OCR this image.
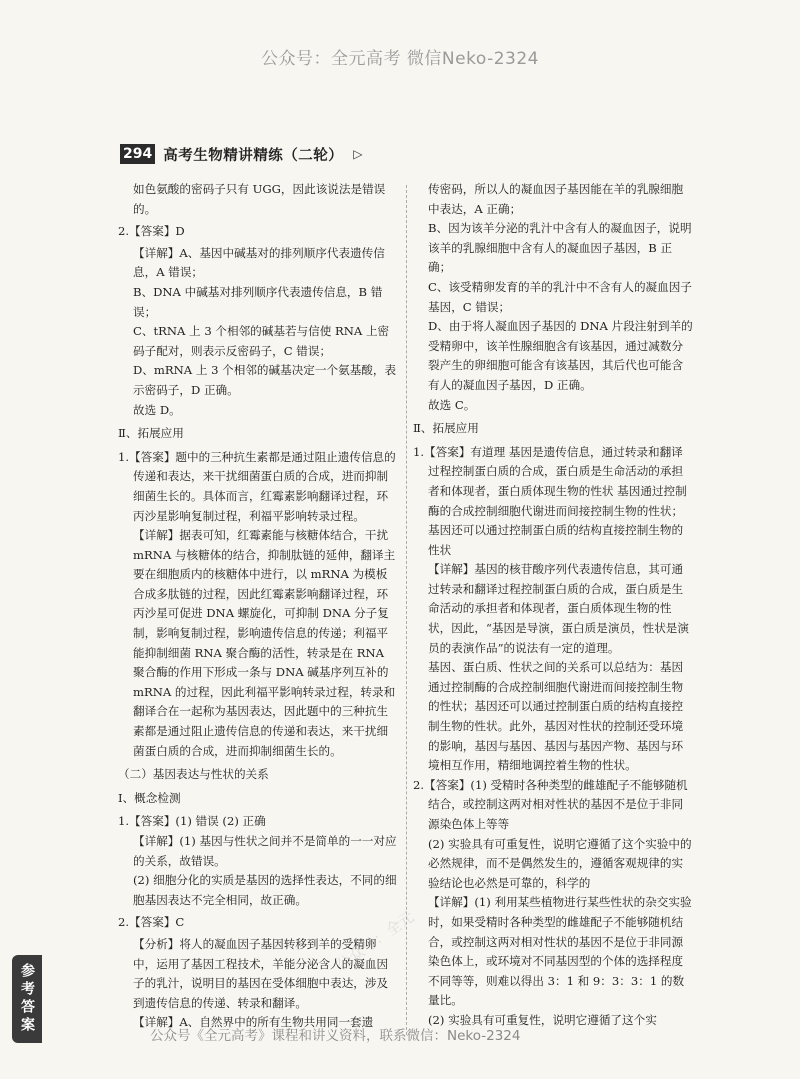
公众号：全元高考 微信Neko-2324
294 高考生物精讲精练（二轮） ▷

如色氨酸的密码子只有 UGG，因此该说法是错误的。

2.【答案】D

【详解】A、基因中碱基对的排列顺序代表遗传信息，A 错误；

B、DNA 中碱基对排列顺序代表遗传信息，B 错误；

C、tRNA 上 3 个相邻的碱基若与信使 RNA 上密码子配对，则表示反密码子，C 错误；

D、mRNA 上 3 个相邻的碱基决定一个氨基酸，表示密码子，D 正确。

故选 D。

Ⅱ、拓展应用

1.【答案】题中的三种抗生素都是通过阻止遗传信息的传递和表达，来干扰细菌蛋白质的合成，进而抑制细菌生长的。具体而言，红霉素影响翻译过程，环丙沙星影响复制过程，利福平影响转录过程。

【详解】据表可知，红霉素能与核糖体结合，干扰 mRNA 与核糖体的结合，抑制肽链的延伸，翻译主要在细胞质内的核糖体中进行，以 mRNA 为模板合成多肽链的过程，因此红霉素影响翻译过程，环丙沙星可促进 DNA 螺旋化，可抑制 DNA 分子复制，影响复制过程，影响遗传信息的传递；利福平能抑制细菌 RNA 聚合酶的活性，转录是在 RNA 聚合酶的作用下形成一条与 DNA 碱基序列互补的 mRNA 的过程，因此利福平影响转录过程，转录和翻译合在一起称为基因表达，因此题中的三种抗生素都是通过阻止遗传信息的传递和表达，来干扰细菌蛋白质的合成，进而抑制细菌生长的。

（二）基因表达与性状的关系

Ⅰ、概念检测

1.【答案】(1) 错误 (2) 正确

【详解】(1) 基因与性状之间并不是简单的一一对应的关系，故错误。

(2) 细胞分化的实质是基因的选择性表达，不同的细胞基因表达不完全相同，故正确。

2.【答案】C

【分析】将人的凝血因子基因转移到羊的受精卵中，运用了基因工程技术，羊能分泌含人的凝血因子的乳汁，说明目的基因在受体细胞中表达，涉及到遗传信息的传递、转录和翻译。

【详解】A、自然界中的所有生物共用同一套遗

传密码，所以人的凝血因子基因能在羊的乳腺细胞中表达，A 正确；

B、因为该羊分泌的乳汁中含有人的凝血因子，说明该羊的乳腺细胞中含有人的凝血因子基因，B 正确；

C、该受精卵发育的羊的乳汁中不含有人的凝血因子基因，C 错误；

D、由于将人凝血因子基因的 DNA 片段注射到羊的受精卵中，该羊性腺细胞含有该基因，通过减数分裂产生的卵细胞可能含有该基因，其后代也可能含有人的凝血因子基因，D 正确。

故选 C。

Ⅱ、拓展应用

1.【答案】有道理 基因是遗传信息，通过转录和翻译过程控制蛋白质的合成，蛋白质是生命活动的承担者和体现者，蛋白质体现生物的性状 基因通过控制酶的合成控制细胞代谢进而间接控制生物的性状；基因还可以通过控制蛋白质的结构直接控制生物的性状

【详解】基因的核苷酸序列代表遗传信息，其可通过转录和翻译过程控制蛋白质的合成，蛋白质是生命活动的承担者和体现者，蛋白质体现生物的性状，因此，“基因是导演，蛋白质是演员，性状是演员的表演作品”的说法有一定的道理。

基因、蛋白质、性状之间的关系可以总结为：基因通过控制酶的合成控制细胞代谢进而间接控制生物的性状；基因还可以通过控制蛋白质的结构直接控制生物的性状。此外，基因对性状的控制还受环境的影响，基因与基因、基因与基因产物、基因与环境相互作用，精细地调控着生物的性状。

2.【答案】(1) 受精时各种类型的雌雄配子不能够随机结合，或控制这两对相对性状的基因不是位于非同源染色体上等等

(2) 实验具有可重复性，说明它遵循了这个实验中的必然规律，而不是偶然发生的，遵循客观规律的实验结论也必然是可靠的，科学的

【详解】(1) 利用某些植物进行某些性状的杂交实验时，如果受精时各种类型的雌雄配子不能够随机结合，或控制这两对相对性状的基因不是位于非同源染色体上，或环境对不同基因型的个体的选择程度不同等等，则难以得出 3：1 和 9：3：3：1 的数量比。

(2) 实验具有可重复性，说明它遵循了这个实

公众号：全元
参考答案
公众号《全元高考》课程和讲义资料，联系微信：Neko-2324
